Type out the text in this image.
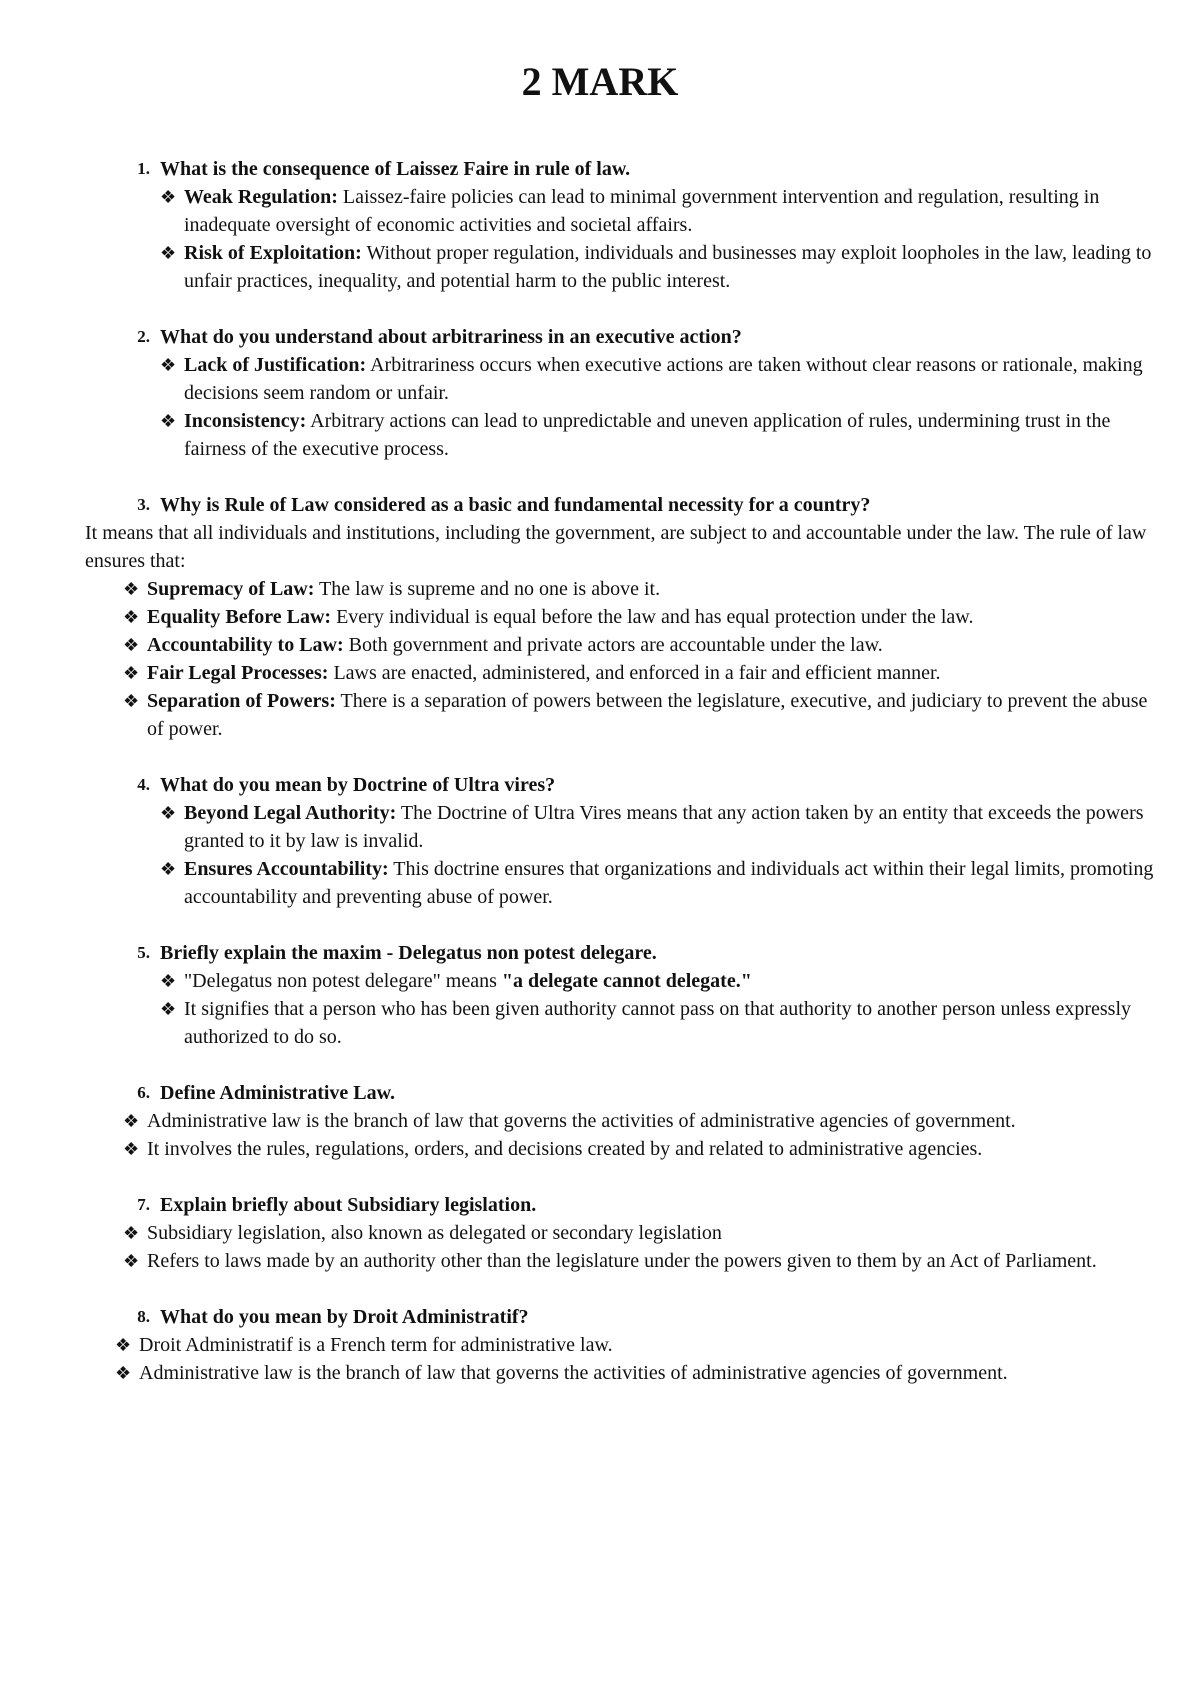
2 MARK
1. What is the consequence of Laissez Faire in rule of law.
❖ Weak Regulation: Laissez-faire policies can lead to minimal government intervention and regulation, resulting in inadequate oversight of economic activities and societal affairs.
❖ Risk of Exploitation: Without proper regulation, individuals and businesses may exploit loopholes in the law, leading to unfair practices, inequality, and potential harm to the public interest.
2. What do you understand about arbitrariness in an executive action?
❖ Lack of Justification: Arbitrariness occurs when executive actions are taken without clear reasons or rationale, making decisions seem random or unfair.
❖ Inconsistency: Arbitrary actions can lead to unpredictable and uneven application of rules, undermining trust in the fairness of the executive process.
3. Why is Rule of Law considered as a basic and fundamental necessity for a country?

It means that all individuals and institutions, including the government, are subject to and accountable under the law. The rule of law ensures that:

❖ Supremacy of Law: The law is supreme and no one is above it.
❖ Equality Before Law: Every individual is equal before the law and has equal protection under the law.
❖ Accountability to Law: Both government and private actors are accountable under the law.
❖ Fair Legal Processes: Laws are enacted, administered, and enforced in a fair and efficient manner.
❖ Separation of Powers: There is a separation of powers between the legislature, executive, and judiciary to prevent the abuse of power.
4. What do you mean by Doctrine of Ultra vires?
❖ Beyond Legal Authority: The Doctrine of Ultra Vires means that any action taken by an entity that exceeds the powers granted to it by law is invalid.
❖ Ensures Accountability: This doctrine ensures that organizations and individuals act within their legal limits, promoting accountability and preventing abuse of power.
5. Briefly explain the maxim - Delegatus non potest delegare.
❖ "Delegatus non potest delegare" means "a delegate cannot delegate."
❖ It signifies that a person who has been given authority cannot pass on that authority to another person unless expressly authorized to do so.
6. Define Administrative Law.
❖ Administrative law is the branch of law that governs the activities of administrative agencies of government.
❖ It involves the rules, regulations, orders, and decisions created by and related to administrative agencies.
7. Explain briefly about Subsidiary legislation.
❖ Subsidiary legislation, also known as delegated or secondary legislation
❖ Refers to laws made by an authority other than the legislature under the powers given to them by an Act of Parliament.
8. What do you mean by Droit Administratif?
❖ Droit Administratif is a French term for administrative law.
❖ Administrative law is the branch of law that governs the activities of administrative agencies of government.
